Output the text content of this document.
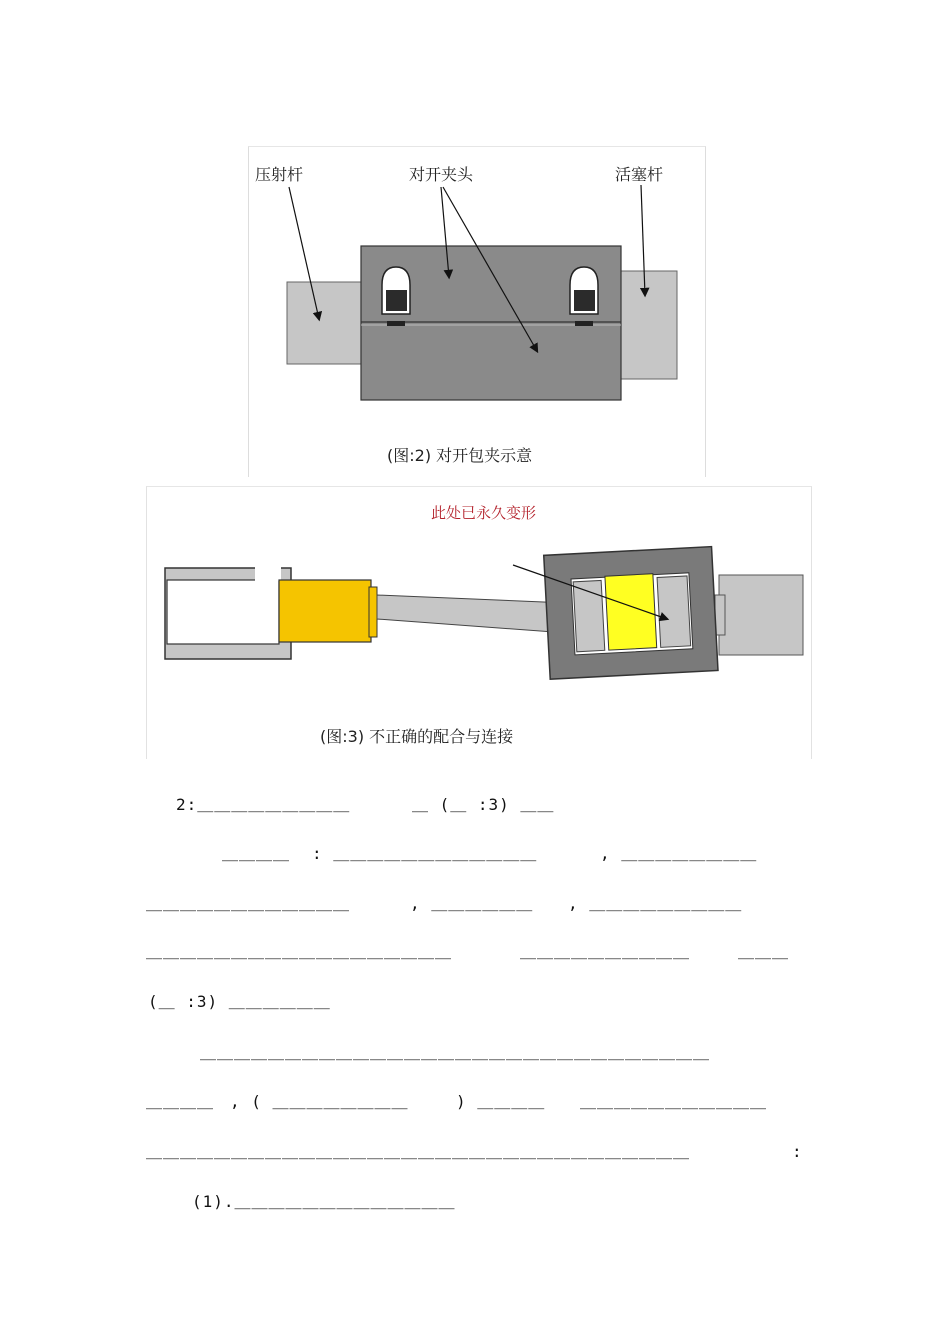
压射杆	对开夹头	活塞杆
(图:2) 对开包夹示意
此处已永久变形
(图:3) 不正确的配合与连接
2:＿＿＿＿＿＿＿＿＿	＿ (＿ :3) ＿＿
＿＿＿＿ : ＿＿＿＿＿＿＿＿＿＿＿＿	, ＿＿＿＿＿＿＿＿
＿＿＿＿＿＿＿＿＿＿＿＿	, ＿＿＿＿＿＿ , ＿＿＿＿＿＿＿＿＿
＿＿＿＿＿＿＿＿＿＿＿＿＿＿＿＿＿＿	＿＿＿＿＿＿＿＿＿＿	＿＿＿
(＿ :3) ＿＿＿＿＿＿
＿＿＿＿＿＿＿＿＿＿＿＿＿＿＿＿＿＿＿＿＿＿＿＿＿＿＿＿＿＿
＿＿＿＿ , ( ＿＿＿＿＿＿＿＿	) ＿＿＿＿ ＿＿＿＿＿＿＿＿＿＿＿
＿＿＿＿＿＿＿＿＿＿＿＿＿＿＿＿＿＿＿＿＿＿＿＿＿＿＿＿＿＿＿＿	:
(1).＿＿＿＿＿＿＿＿＿＿＿＿＿
